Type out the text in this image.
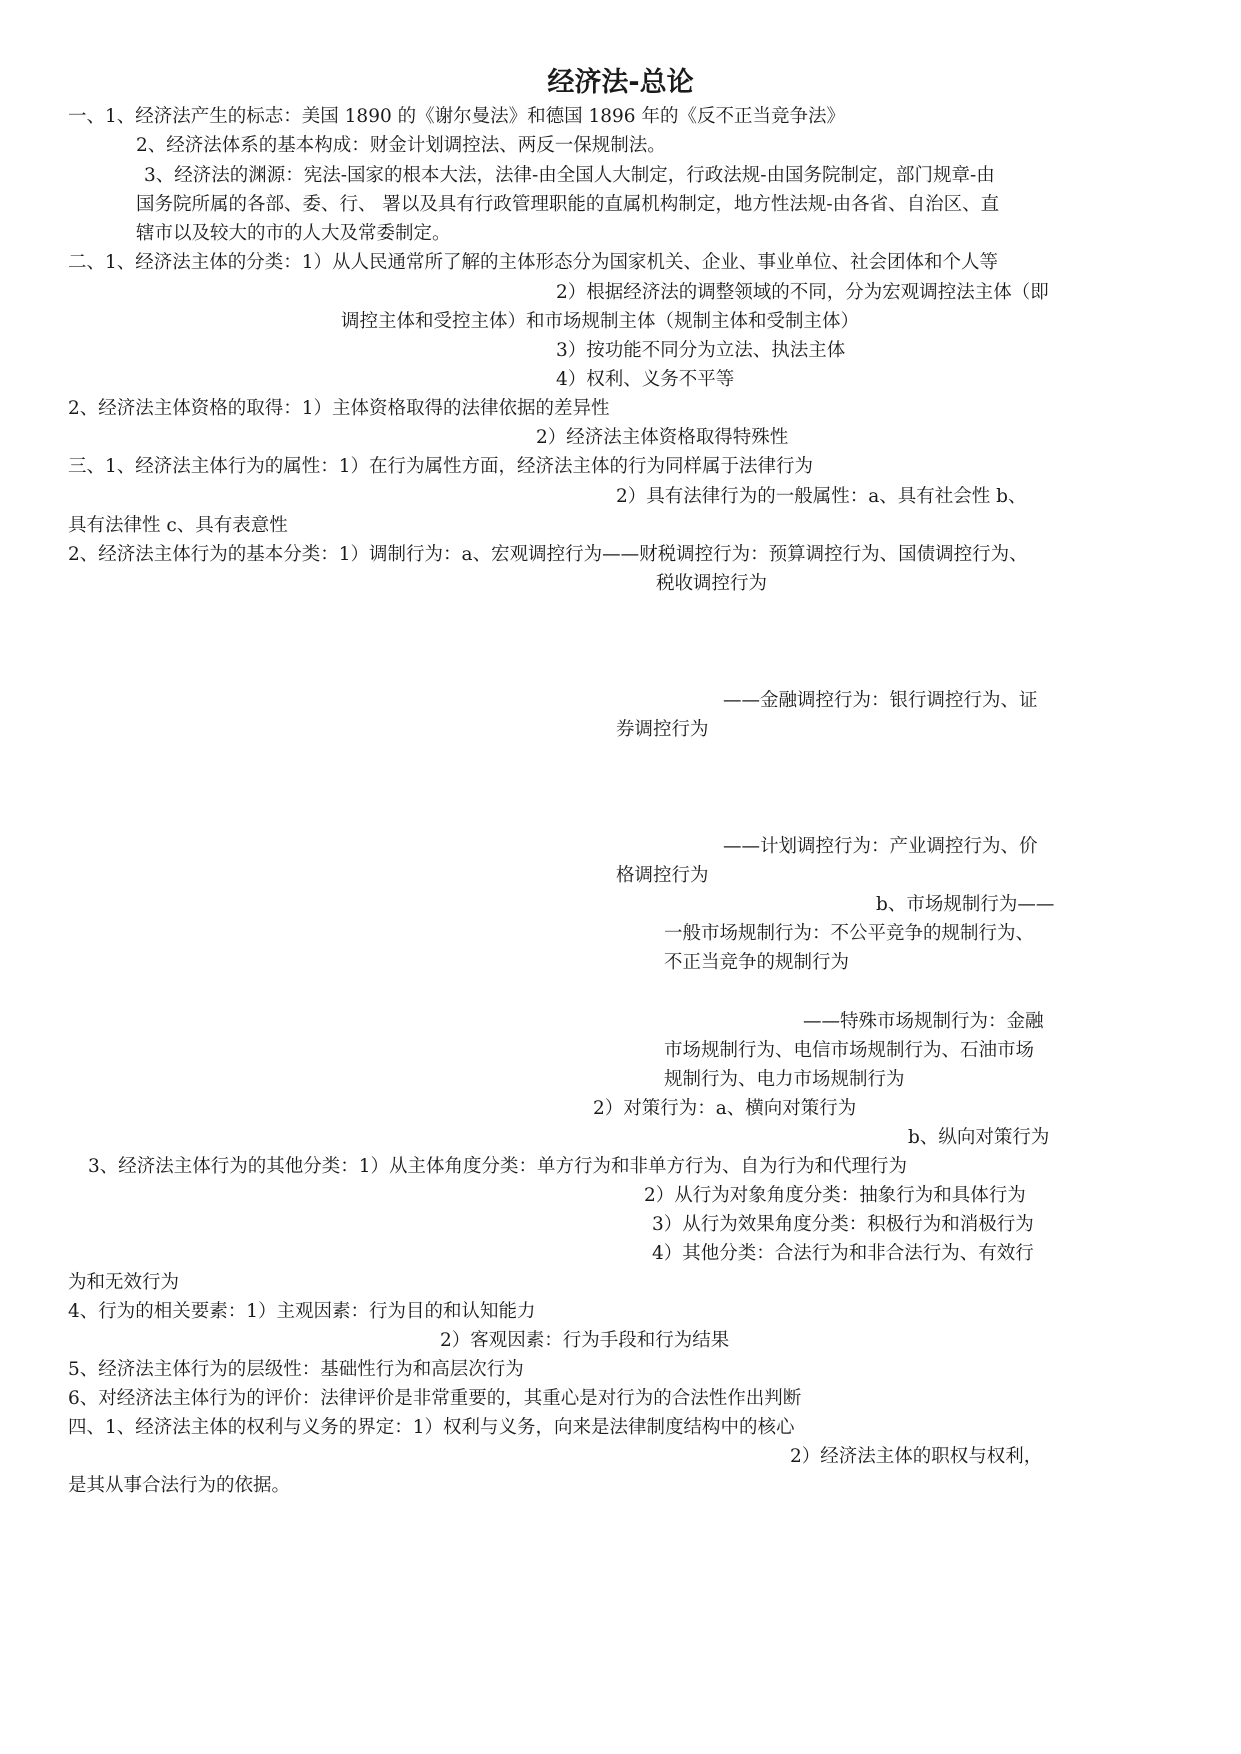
经济法-总论
一、1、经济法产生的标志：美国 1890 的《谢尔曼法》和德国 1896 年的《反不正当竞争法》
2、经济法体系的基本构成：财金计划调控法、两反一保规制法。
3、经济法的渊源：宪法-国家的根本大法，法律-由全国人大制定，行政法规-由国务院制定，部门规章-由
国务院所属的各部、委、行、 署以及具有行政管理职能的直属机构制定，地方性法规-由各省、自治区、直
辖市以及较大的市的人大及常委制定。
二、1、经济法主体的分类：1）从人民通常所了解的主体形态分为国家机关、企业、事业单位、社会团体和个人等
2）根据经济法的调整领域的不同，分为宏观调控法主体（即
调控主体和受控主体）和市场规制主体（规制主体和受制主体）
3）按功能不同分为立法、执法主体
4）权利、义务不平等
2、经济法主体资格的取得：1）主体资格取得的法律依据的差异性
2）经济法主体资格取得特殊性
三、1、经济法主体行为的属性：1）在行为属性方面，经济法主体的行为同样属于法律行为
2）具有法律行为的一般属性：a、具有社会性 b、
具有法律性 c、具有表意性
2、经济法主体行为的基本分类：1）调制行为：a、宏观调控行为——财税调控行为：预算调控行为、国债调控行为、
税收调控行为
——金融调控行为：银行调控行为、证
券调控行为
——计划调控行为：产业调控行为、价
格调控行为
b、市场规制行为——
一般市场规制行为：不公平竞争的规制行为、
不正当竞争的规制行为
——特殊市场规制行为：金融
市场规制行为、电信市场规制行为、石油市场
规制行为、电力市场规制行为
2）对策行为：a、横向对策行为
b、纵向对策行为
3、经济法主体行为的其他分类：1）从主体角度分类：单方行为和非单方行为、自为行为和代理行为
2）从行为对象角度分类：抽象行为和具体行为
3）从行为效果角度分类：积极行为和消极行为
4）其他分类：合法行为和非合法行为、有效行
为和无效行为
4、行为的相关要素：1）主观因素：行为目的和认知能力
2）客观因素：行为手段和行为结果
5、经济法主体行为的层级性：基础性行为和高层次行为
6、对经济法主体行为的评价：法律评价是非常重要的，其重心是对行为的合法性作出判断
四、1、经济法主体的权利与义务的界定：1）权利与义务，向来是法律制度结构中的核心
2）经济法主体的职权与权利，
是其从事合法行为的依据。
